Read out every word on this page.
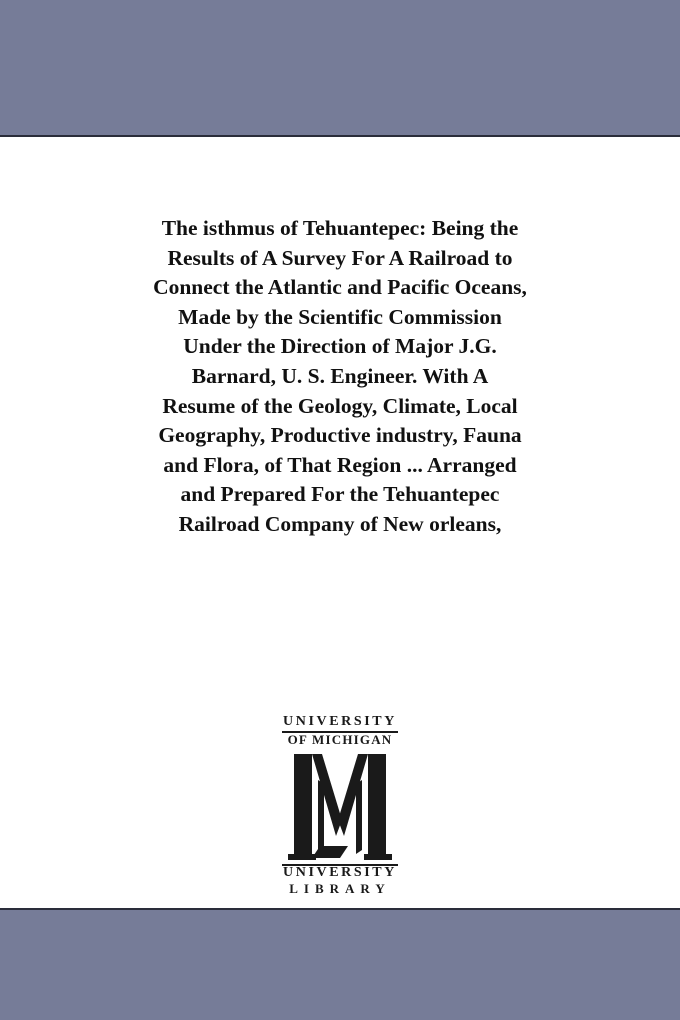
The isthmus of Tehuantepec: Being the
Results of A Survey For A Railroad to
Connect the Atlantic and Pacific Oceans,
Made by the Scientific Commission
Under the Direction of Major J.G.
Barnard, U. S. Engineer. With A
Resume of the Geology, Climate, Local
Geography, Productive industry, Fauna
and Flora, of That Region ... Arranged
and Prepared For the Tehuantepec
Railroad Company of New orleans,
UNIVERSITY
OF MICHIGAN
UNIVERSITY
LIBRARY
